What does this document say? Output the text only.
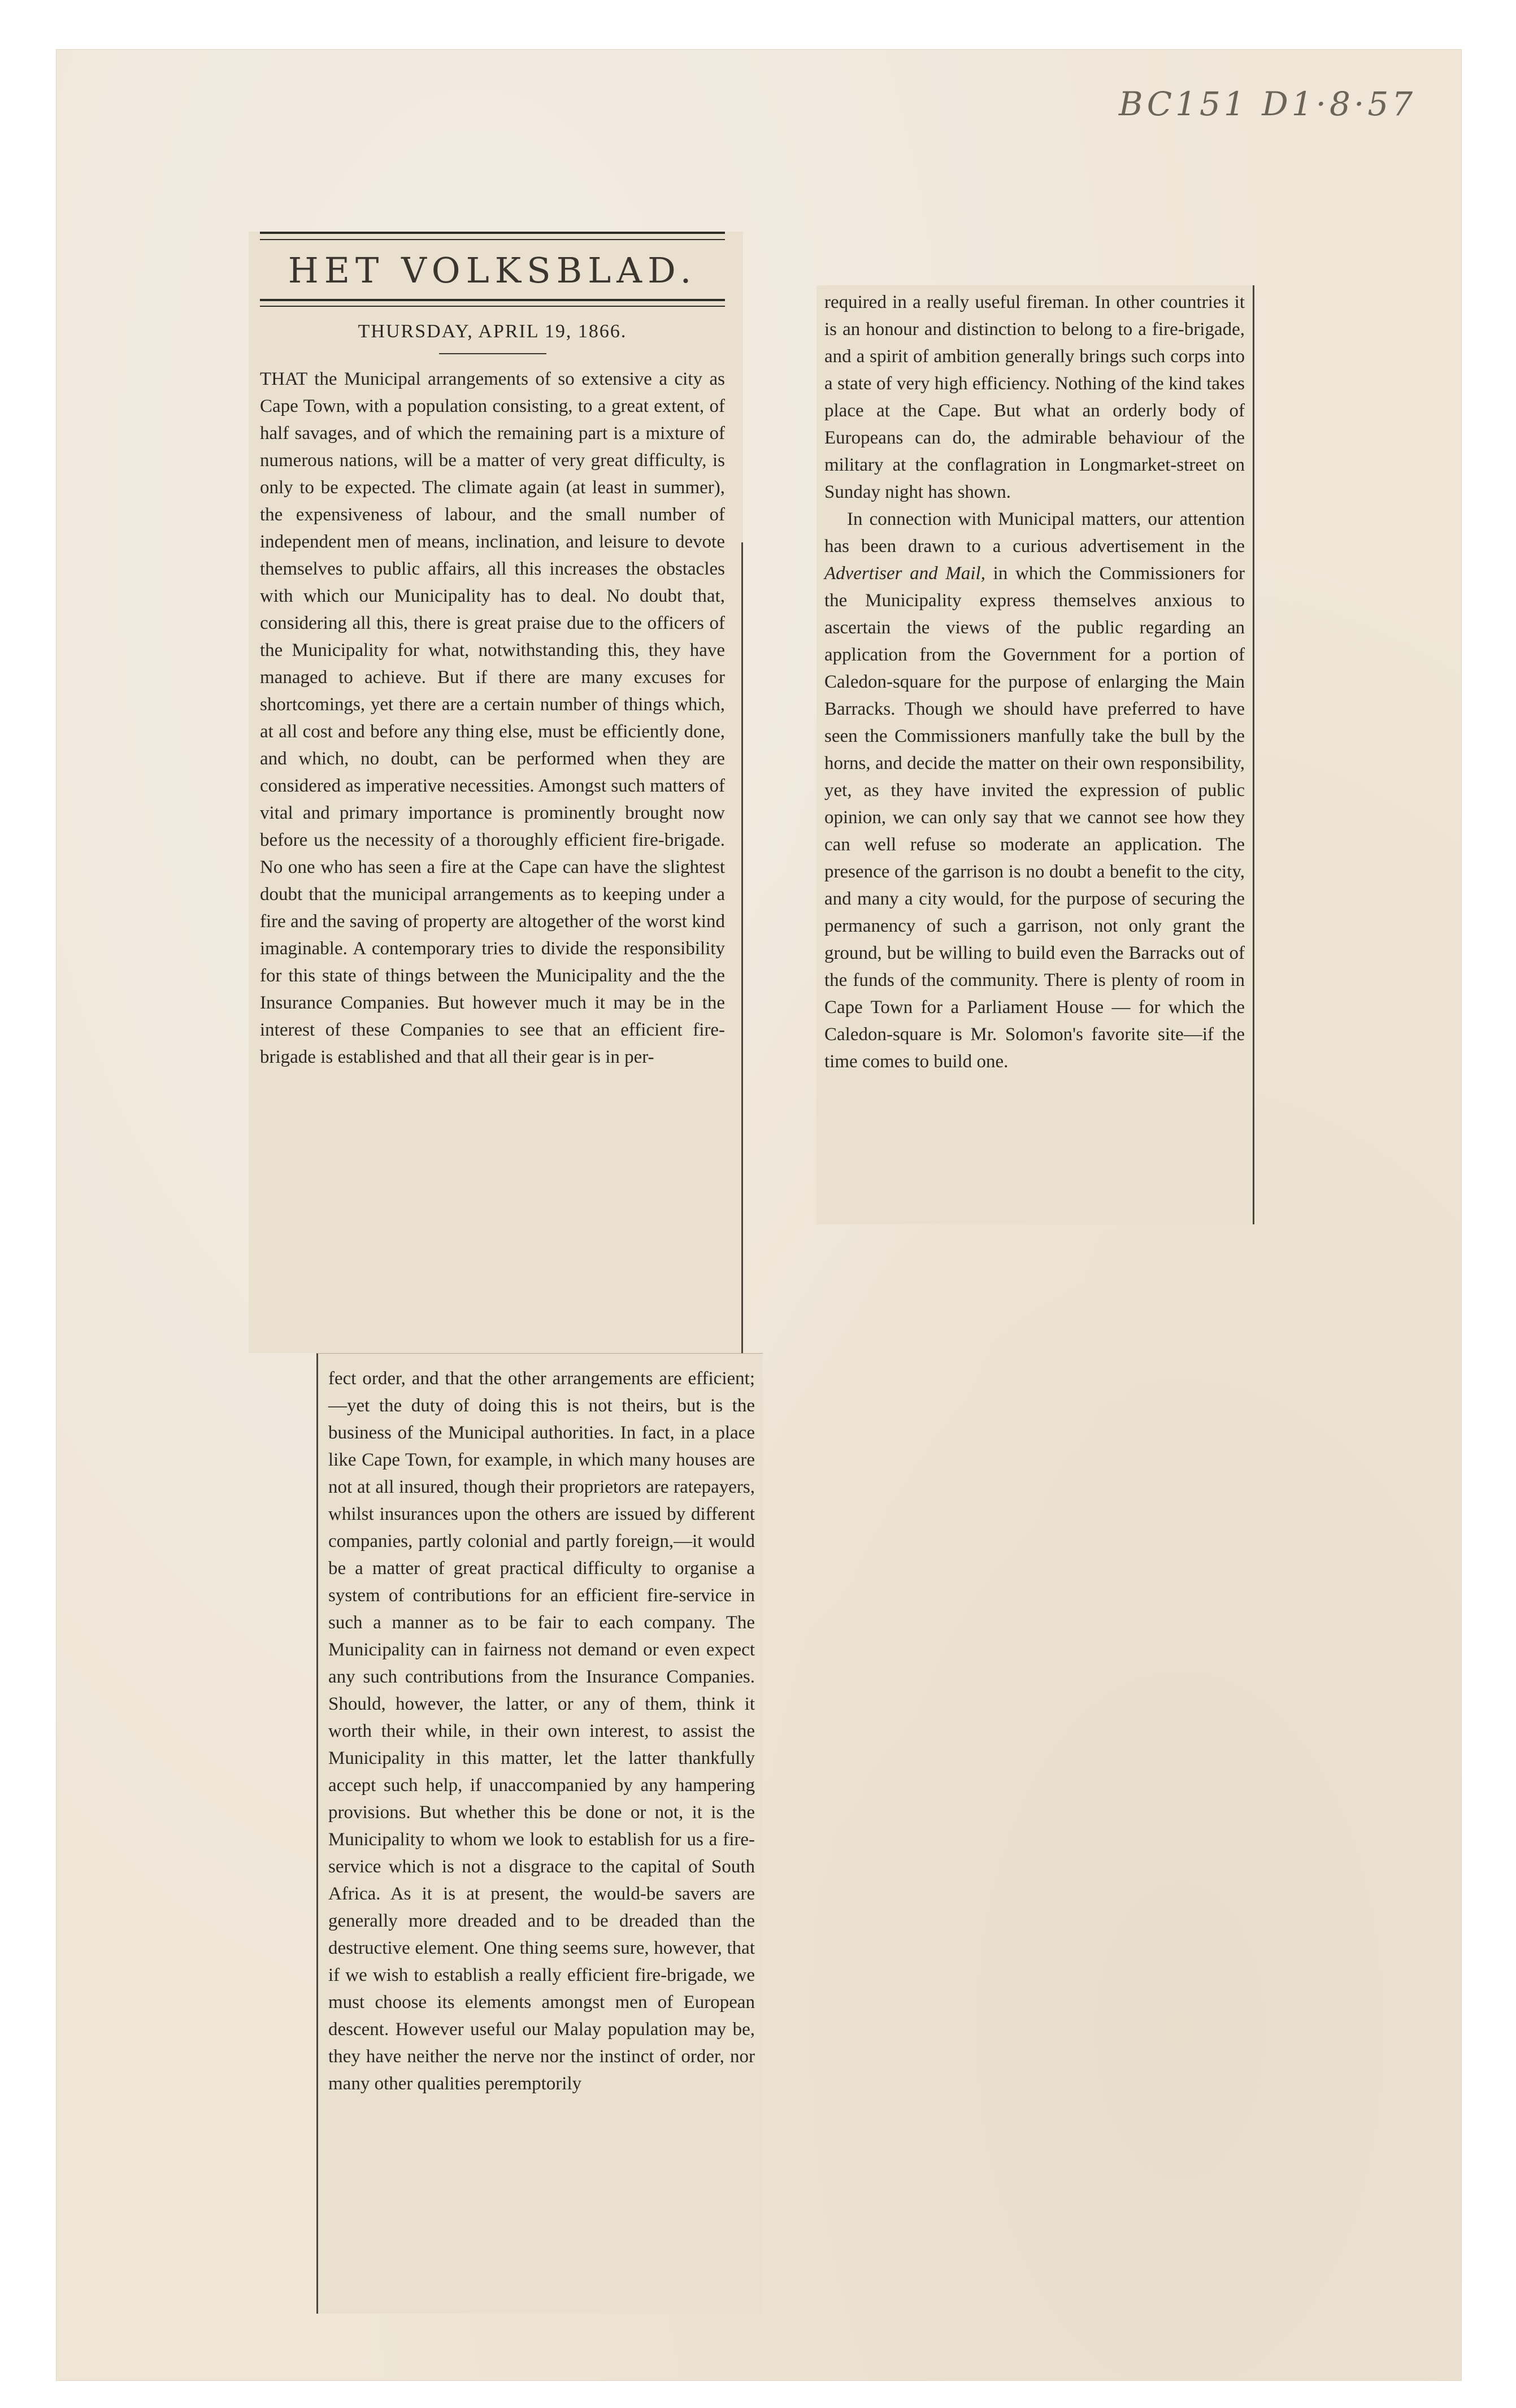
BC151 D1·8·57
HET VOLKSBLAD.
THURSDAY, APRIL 19, 1866.

THAT the Municipal arrangements of so extensive a city as Cape Town, with a population consisting, to a great extent, of half savages, and of which the remaining part is a mixture of numerous nations, will be a matter of very great difficulty, is only to be expected. The climate again (at least in summer), the expensiveness of labour, and the small number of independent men of means, inclination, and leisure to devote themselves to public affairs, all this increases the obstacles with which our Municipality has to deal. No doubt that, considering all this, there is great praise due to the officers of the Municipality for what, notwithstanding this, they have managed to achieve. But if there are many excuses for shortcomings, yet there are a certain number of things which, at all cost and before any thing else, must be efficiently done, and which, no doubt, can be performed when they are considered as imperative necessities. Amongst such matters of vital and primary importance is prominently brought now before us the necessity of a thoroughly efficient fire-brigade. No one who has seen a fire at the Cape can have the slightest doubt that the municipal arrangements as to keeping under a fire and the saving of property are altogether of the worst kind imaginable. A contemporary tries to divide the responsibility for this state of things between the Municipality and the the Insurance Companies. But however much it may be in the interest of these Companies to see that an efficient fire-brigade is established and that all their gear is in per-

fect order, and that the other arrangements are efficient;—yet the duty of doing this is not theirs, but is the business of the Municipal authorities. In fact, in a place like Cape Town, for example, in which many houses are not at all insured, though their proprietors are ratepayers, whilst insurances upon the others are issued by different companies, partly colonial and partly foreign,—it would be a matter of great practical difficulty to organise a system of contributions for an efficient fire-service in such a manner as to be fair to each company. The Municipality can in fairness not demand or even expect any such contributions from the Insurance Companies. Should, however, the latter, or any of them, think it worth their while, in their own interest, to assist the Municipality in this matter, let the latter thankfully accept such help, if unaccompanied by any hampering provisions. But whether this be done or not, it is the Municipality to whom we look to establish for us a fire-service which is not a disgrace to the capital of South Africa. As it is at present, the would-be savers are generally more dreaded and to be dreaded than the destructive element. One thing seems sure, however, that if we wish to establish a really efficient fire-brigade, we must choose its elements amongst men of European descent. However useful our Malay population may be, they have neither the nerve nor the instinct of order, nor many other qualities peremptorily

required in a really useful fireman. In other countries it is an honour and distinction to belong to a fire-brigade, and a spirit of ambition generally brings such corps into a state of very high efficiency. Nothing of the kind takes place at the Cape. But what an orderly body of Europeans can do, the admirable behaviour of the military at the conflagration in Longmarket-street on Sunday night has shown.

In connection with Municipal matters, our attention has been drawn to a curious advertisement in the Advertiser and Mail, in which the Commissioners for the Municipality express themselves anxious to ascertain the views of the public regarding an application from the Government for a portion of Caledon-square for the purpose of enlarging the Main Barracks. Though we should have preferred to have seen the Commissioners manfully take the bull by the horns, and decide the matter on their own responsibility, yet, as they have invited the expression of public opinion, we can only say that we cannot see how they can well refuse so moderate an application. The presence of the garrison is no doubt a benefit to the city, and many a city would, for the purpose of securing the permanency of such a garrison, not only grant the ground, but be willing to build even the Barracks out of the funds of the community. There is plenty of room in Cape Town for a Parliament House — for which the Caledon-square is Mr. Solomon's favorite site—if the time comes to build one.
